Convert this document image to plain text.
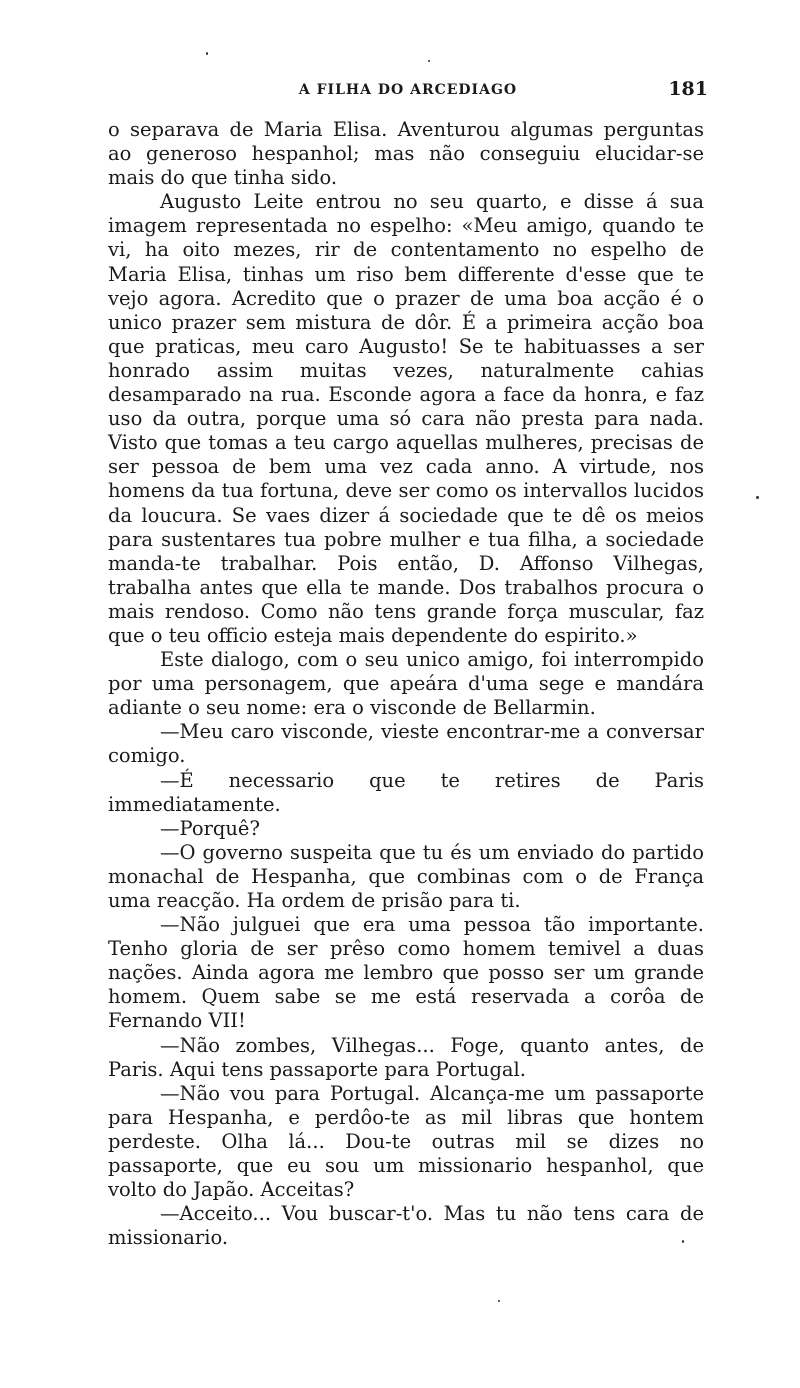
A FILHA DO ARCEDIAGO	181

o separava de Maria Elisa. Aventurou algumas perguntas ao generoso hespanhol; mas não conseguiu elucidar-se mais do que tinha sido.

Augusto Leite entrou no seu quarto, e disse á sua imagem representada no espelho: «Meu amigo, quando te vi, ha oito mezes, rir de contentamento no espelho de Maria Elisa, tinhas um riso bem differente d'esse que te vejo agora. Acredito que o prazer de uma boa acção é o unico prazer sem mistura de dôr. É a primeira acção boa que praticas, meu caro Augusto! Se te habituasses a ser honrado assim muitas vezes, naturalmente cahias desamparado na rua. Esconde agora a face da honra, e faz uso da outra, porque uma só cara não presta para nada. Visto que tomas a teu cargo aquellas mulheres, precisas de ser pessoa de bem uma vez cada anno. A virtude, nos homens da tua fortuna, deve ser como os intervallos lucidos da loucura. Se vaes dizer á sociedade que te dê os meios para sustentares tua pobre mulher e tua filha, a sociedade manda-te trabalhar. Pois então, D. Affonso Vilhegas, trabalha antes que ella te mande. Dos trabalhos procura o mais rendoso. Como não tens grande força muscular, faz que o teu officio esteja mais dependente do espirito.»

Este dialogo, com o seu unico amigo, foi interrompido por uma personagem, que apeára d'uma sege e mandára adiante o seu nome: era o visconde de Bellarmin.

—Meu caro visconde, vieste encontrar-me a conversar comigo.

—É necessario que te retires de Paris immediatamente.

—Porquê?

—O governo suspeita que tu és um enviado do partido monachal de Hespanha, que combinas com o de França uma reacção. Ha ordem de prisão para ti.

—Não julguei que era uma pessoa tão importante. Tenho gloria de ser prêso como homem temivel a duas nações. Ainda agora me lembro que posso ser um grande homem. Quem sabe se me está reservada a corôa de Fernando VII!

—Não zombes, Vilhegas... Foge, quanto antes, de Paris. Aqui tens passaporte para Portugal.

—Não vou para Portugal. Alcança-me um passaporte para Hespanha, e perdôo-te as mil libras que hontem perdeste. Olha lá... Dou-te outras mil se dizes no passaporte, que eu sou um missionario hespanhol, que volto do Japão. Acceitas?

—Acceito... Vou buscar-t'o. Mas tu não tens cara de missionario.
